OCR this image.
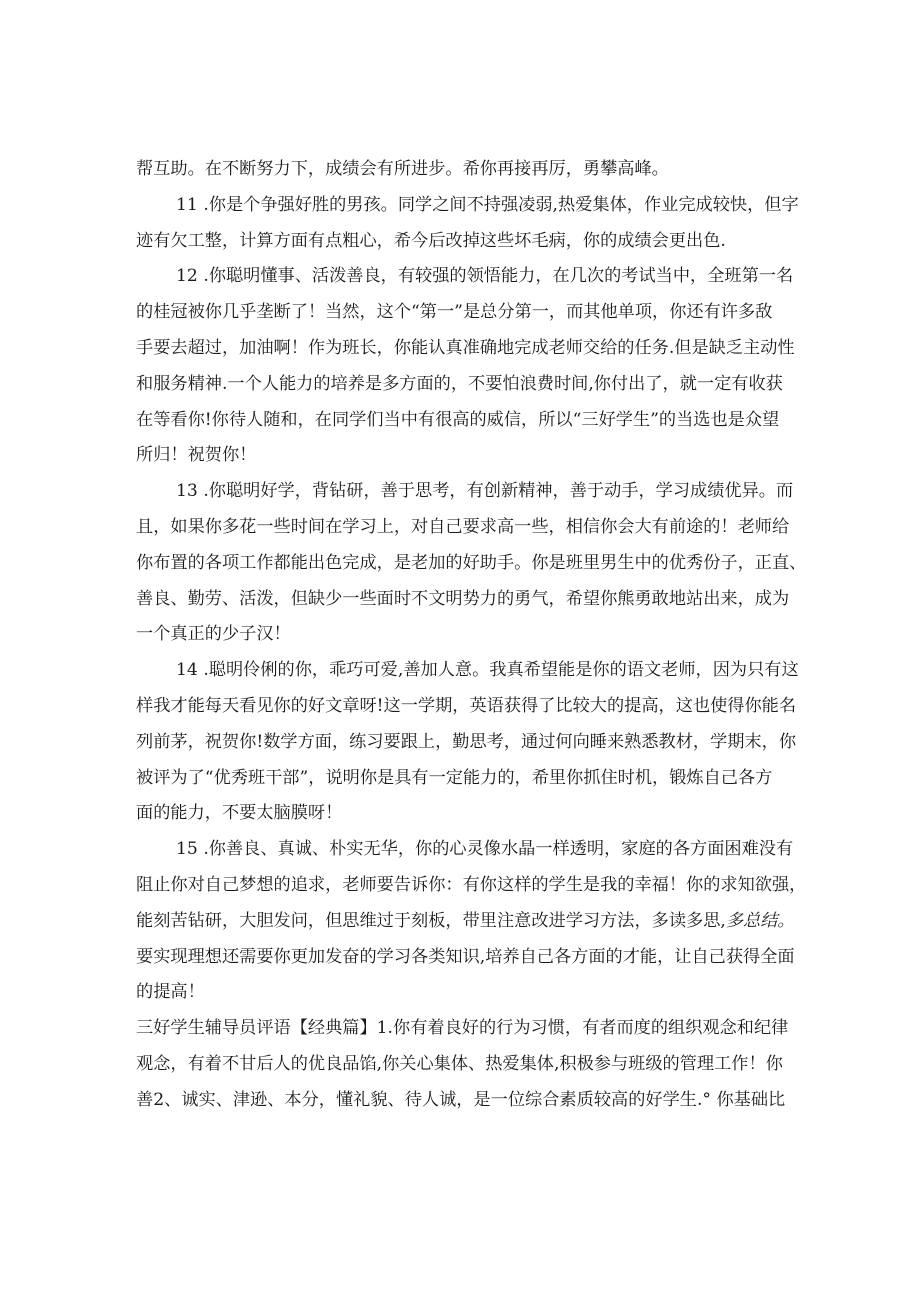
帮互助。在不断努力下，成绩会有所进步。希你再接再厉，勇攀高峰。
11 .你是个争强好胜的男孩。同学之间不持强凌弱,热爱集体，作业完成较快，但字
迹有欠工整，计算方面有点粗心，希今后改掉这些坏毛病，你的成绩会更出色.
12 .你聪明懂事、活泼善良，有较强的领悟能力，在几次的考试当中，全班第一名
的桂冠被你几乎垄断了！当然，这个“第一”是总分第一，而其他单项，你还有许多敌
手要去超过，加油啊！作为班长，你能认真准确地完成老师交给的任务.但是缺乏主动性
和服务精神.一个人能力的培养是多方面的，不要怕浪费时间,你付出了，就一定有收获
在等看你!你待人随和，在同学们当中有很高的威信，所以“三好学生”的当选也是众望
所归！祝贺你！
13 .你聪明好学，背钻研，善于思考，有创新精神，善于动手，学习成绩优异。而
且，如果你多花一些时间在学习上，对自己要求高一些，相信你会大有前途的！老师给
你布置的各项工作都能出色完成，是老加的好助手。你是班里男生中的优秀份子，正直、
善良、勤劳、活泼，但缺少一些面时不文明势力的勇气，希望你熊勇敢地站出来，成为
一个真正的少子汉！
14 .聪明伶俐的你，乖巧可爱,善加人意。我真希望能是你的语文老师，因为只有这
样我才能每天看见你的好文章呀!这一学期，英语获得了比较大的提高，这也使得你能名
列前茅，祝贺你!数学方面，练习要跟上，勤思考，通过何向睡来熟悉教材，学期末，你
被评为了“优秀班干部”，说明你是具有一定能力的，希里你抓住时机，锻炼自己各方
面的能力，不要太脑膜呀！
15 .你善良、真诚、朴实无华，你的心灵像水晶一样透明，家庭的各方面困难没有
阻止你对自己梦想的追求，老师要告诉你：有你这样的学生是我的幸福！你的求知欲强，
能刻苦钻研，大胆发问，但思维过于刻板，带里注意改进学习方法，多读多思,多总结。
要实现理想还需要你更加发奋的学习各类知识,培养自己各方面的才能，让自己获得全面
的提高！
三好学生辅导员评语【经典篇】1.你有着良好的行为习惯，有者而度的组织观念和纪律
观念，有着不甘后人的优良品馅,你关心集体、热爱集体,积极参与班级的管理工作！你
善2、诚实、津逊、本分，懂礼貌、待人诚，是一位综合素质较高的好学生.° 你基础比
